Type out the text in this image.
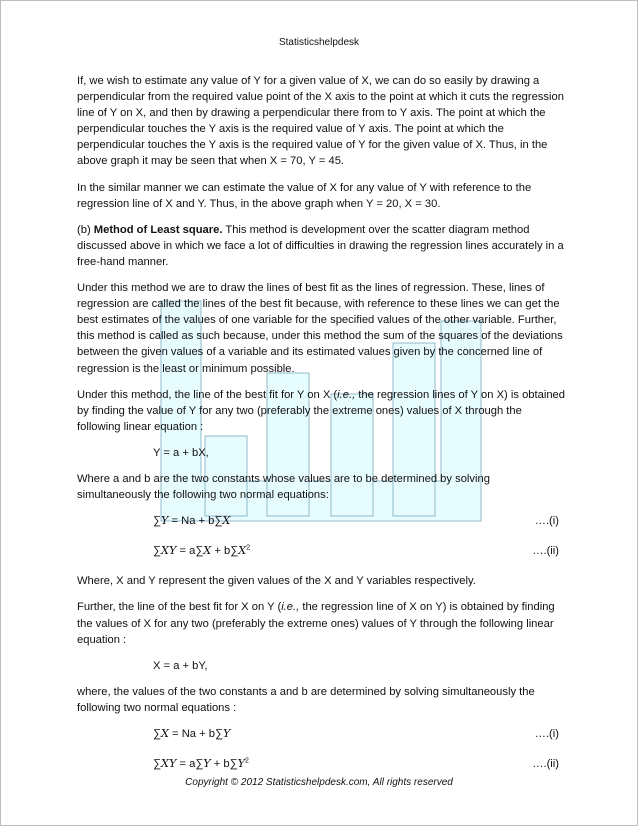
Statisticshelpdesk

If, we wish to estimate any value of Y for a given value of X, we can do so easily by drawing a perpendicular from the required value point of the X axis to the point at which it cuts the regression line of Y on X, and then by drawing a perpendicular there from to Y axis. The point at which the perpendicular touches the Y axis is the required value of Y axis. The point at which the perpendicular touches the Y axis is the required value of Y for the given value of X. Thus, in the above graph it may be seen that when X = 70, Y = 45.

In the similar manner we can estimate the value of X for any value of Y with reference to the regression line of X and Y. Thus, in the above graph when Y = 20, X = 30.

(b) Method of Least square. This method is development over the scatter diagram method discussed above in which we face a lot of difficulties in drawing the regression lines accurately in a free-hand manner.

Under this method we are to draw the lines of best fit as the lines of regression. These, lines of regression are called the lines of the best fit because, with reference to these lines we can get the best estimates of the values of one variable for the specified values of the other variable. Further, this method is called as such because, under this method the sum of the squares of the deviations between the given values of a variable and its estimated values given by the concerned line of regression is the least or minimum possible.

Under this method, the line of the best fit for Y on X (i.e., the regression lines of Y on X) is obtained by finding the value of Y for any two (preferably the extreme ones) values of X through the following linear equation :

Y = a + bX,

Where a and b are the two constants whose values are to be determined by solving simultaneously the following two normal equations:

∑Y = Na + b∑X	….(i)
$\sum XY = a\sum X + b\sum X^2$	….(ii)

Where, X and Y represent the given values of the X and Y variables respectively.

Further, the line of the best fit for X on Y (i.e., the regression line of X on Y) is obtained by finding the values of X for any two (preferably the extreme ones) values of Y through the following linear equation :

X = a + bY,

where, the values of the two constants a and b are determined by solving simultaneously the following two normal equations :

∑X = Na + b∑Y	….(i)
$\sum XY = a\sum Y + b\sum Y^2$	….(ii)
Copyright © 2012 Statisticshelpdesk.com, All rights reserved
